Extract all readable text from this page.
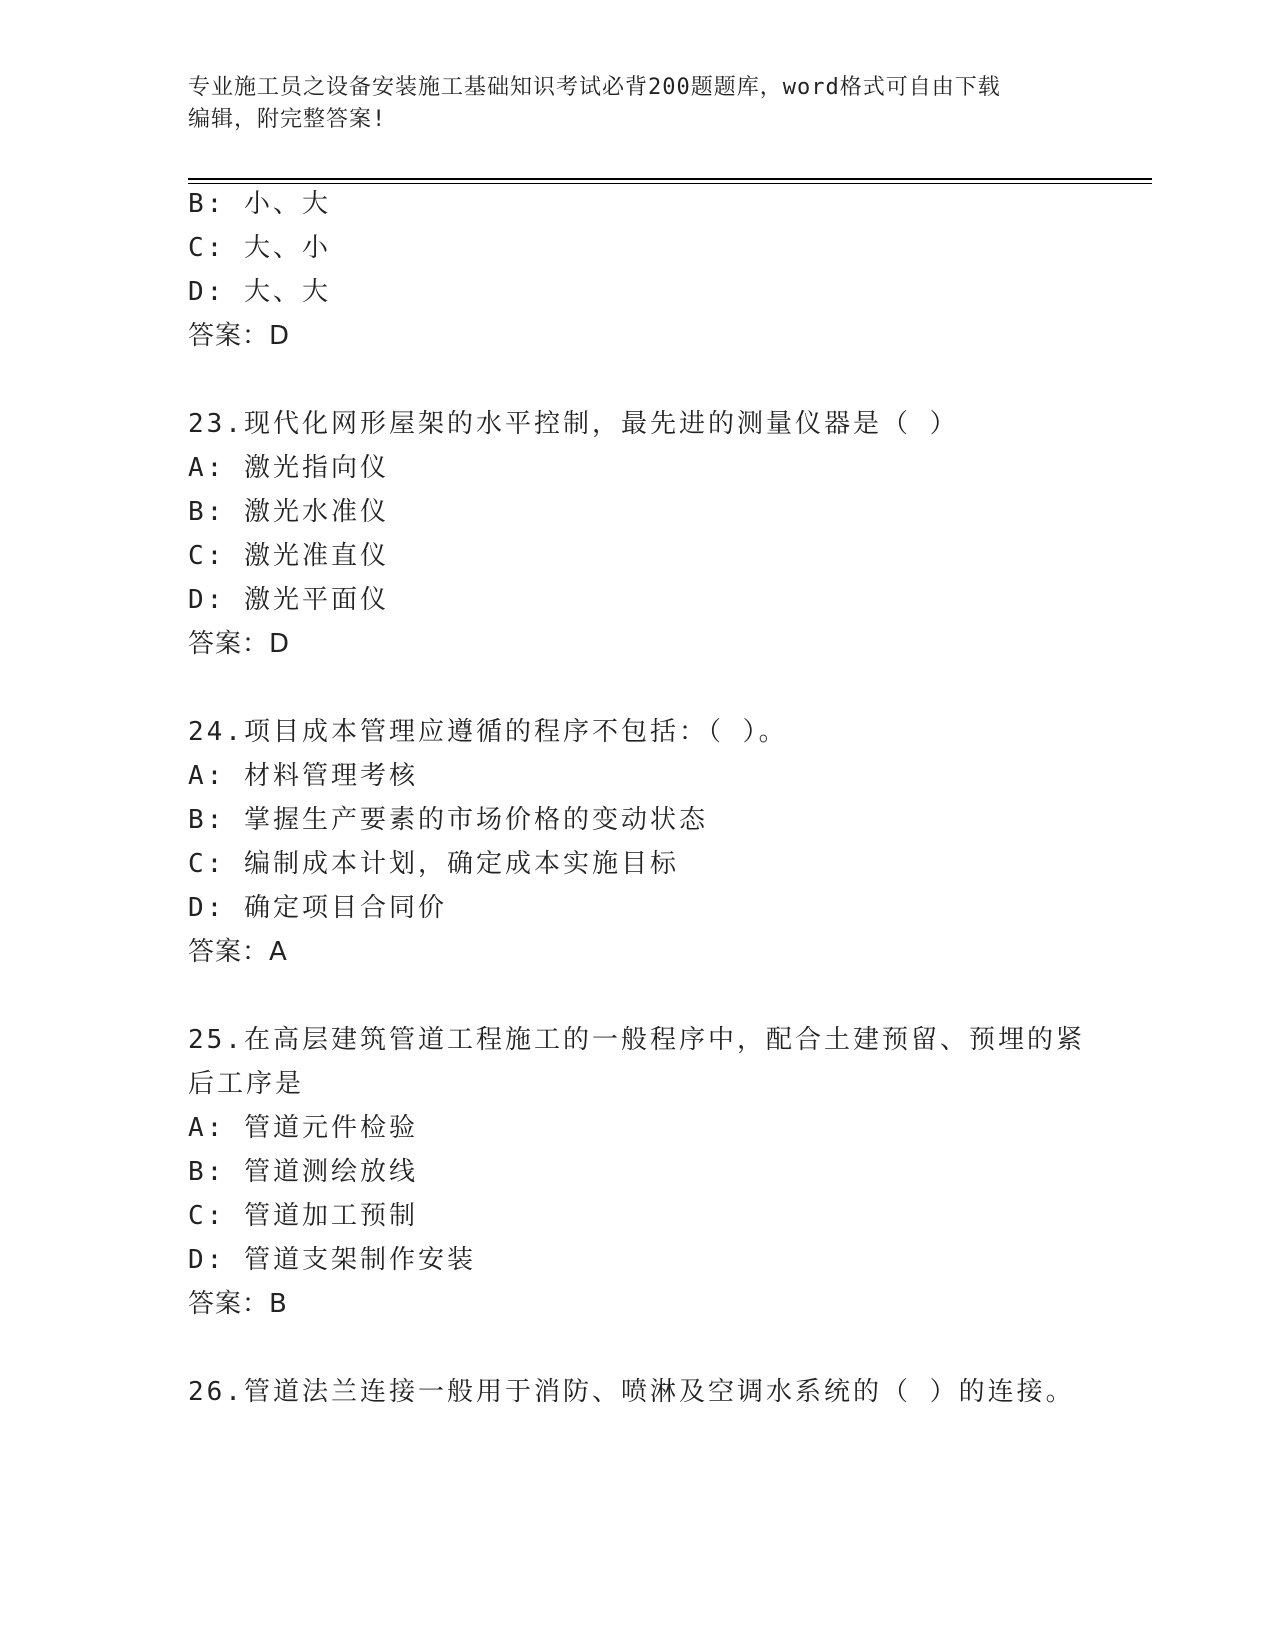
专业施工员之设备安装施工基础知识考试必背200题题库，word格式可自由下载
编辑，附完整答案!
B: 小、大
C: 大、小
D: 大、大
答案：D
23.现代化网形屋架的水平控制，最先进的测量仪器是（ ）
A: 激光指向仪
B: 激光水准仪
C: 激光准直仪
D: 激光平面仪
答案：D
24.项目成本管理应遵循的程序不包括：（ ）。
A: 材料管理考核
B: 掌握生产要素的市场价格的变动状态
C: 编制成本计划，确定成本实施目标
D: 确定项目合同价
答案：A
25.在高层建筑管道工程施工的一般程序中，配合土建预留、预埋的紧
后工序是
A: 管道元件检验
B: 管道测绘放线
C: 管道加工预制
D: 管道支架制作安装
答案：B
26.管道法兰连接一般用于消防、喷淋及空调水系统的（ ）的连接。
